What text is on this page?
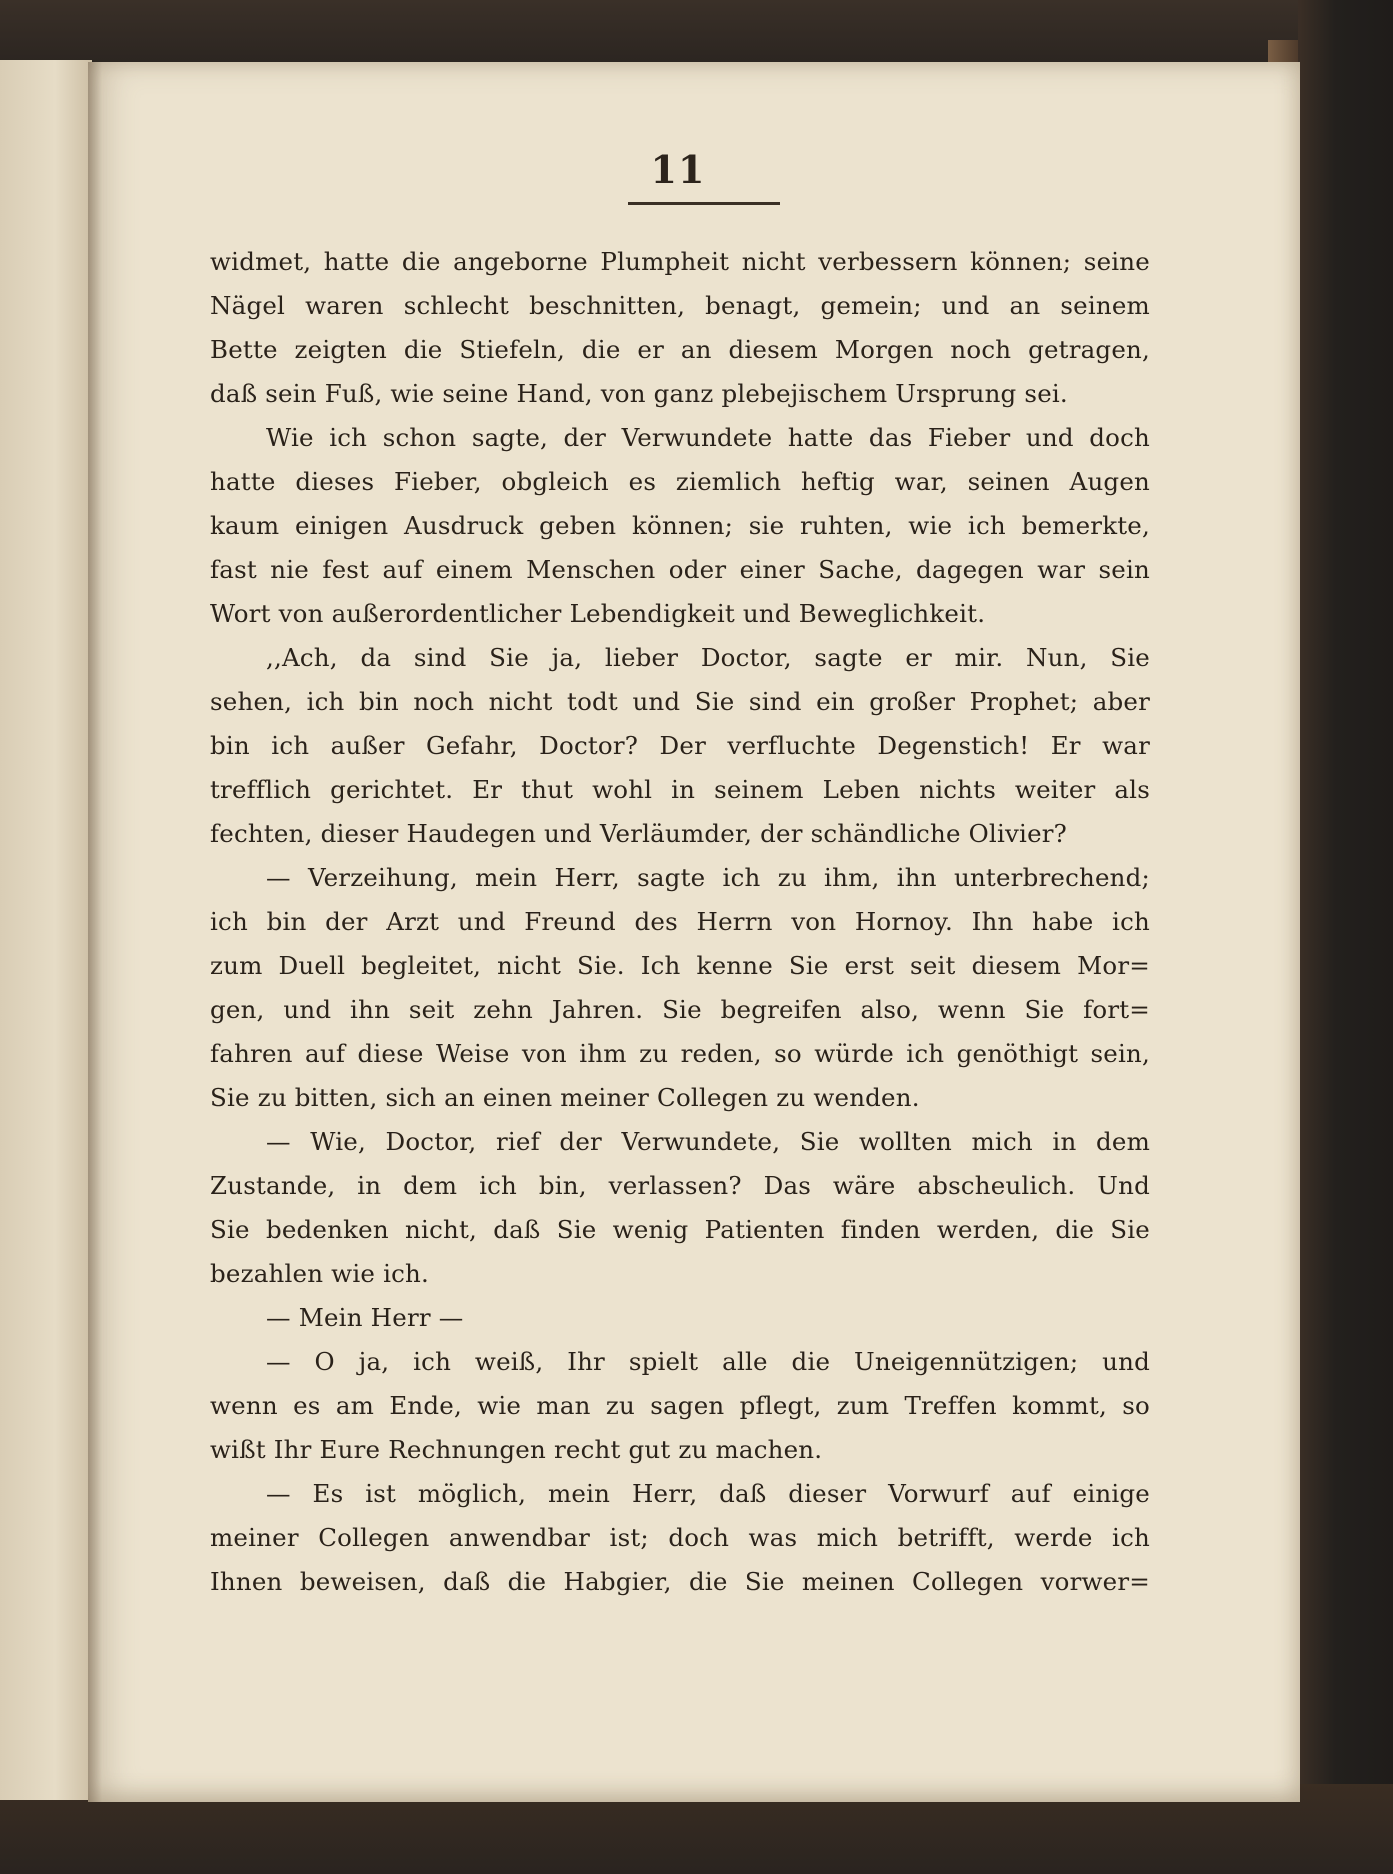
11
widmet, hatte die angeborne Plumpheit nicht verbessern können; seine
Nägel waren schlecht beschnitten, benagt, gemein; und an seinem
Bette zeigten die Stiefeln, die er an diesem Morgen noch getragen,
daß sein Fuß, wie seine Hand, von ganz plebejischem Ursprung sei.
Wie ich schon sagte, der Verwundete hatte das Fieber und doch
hatte dieses Fieber, obgleich es ziemlich heftig war, seinen Augen
kaum einigen Ausdruck geben können; sie ruhten, wie ich bemerkte,
fast nie fest auf einem Menschen oder einer Sache, dagegen war sein
Wort von außerordentlicher Lebendigkeit und Beweglichkeit.
,,Ach, da sind Sie ja, lieber Doctor, sagte er mir. Nun, Sie
sehen, ich bin noch nicht todt und Sie sind ein großer Prophet; aber
bin ich außer Gefahr, Doctor? Der verfluchte Degenstich! Er war
trefflich gerichtet. Er thut wohl in seinem Leben nichts weiter als
fechten, dieser Haudegen und Verläumder, der schändliche Olivier?
— Verzeihung, mein Herr, sagte ich zu ihm, ihn unterbrechend;
ich bin der Arzt und Freund des Herrn von Hornoy. Ihn habe ich
zum Duell begleitet, nicht Sie. Ich kenne Sie erst seit diesem Mor=
gen, und ihn seit zehn Jahren. Sie begreifen also, wenn Sie fort=
fahren auf diese Weise von ihm zu reden, so würde ich genöthigt sein,
Sie zu bitten, sich an einen meiner Collegen zu wenden.
— Wie, Doctor, rief der Verwundete, Sie wollten mich in dem
Zustande, in dem ich bin, verlassen? Das wäre abscheulich. Und
Sie bedenken nicht, daß Sie wenig Patienten finden werden, die Sie
bezahlen wie ich.
— Mein Herr —
— O ja, ich weiß, Ihr spielt alle die Uneigennützigen; und
wenn es am Ende, wie man zu sagen pflegt, zum Treffen kommt, so
wißt Ihr Eure Rechnungen recht gut zu machen.
— Es ist möglich, mein Herr, daß dieser Vorwurf auf einige
meiner Collegen anwendbar ist; doch was mich betrifft, werde ich
Ihnen beweisen, daß die Habgier, die Sie meinen Collegen vorwer=
